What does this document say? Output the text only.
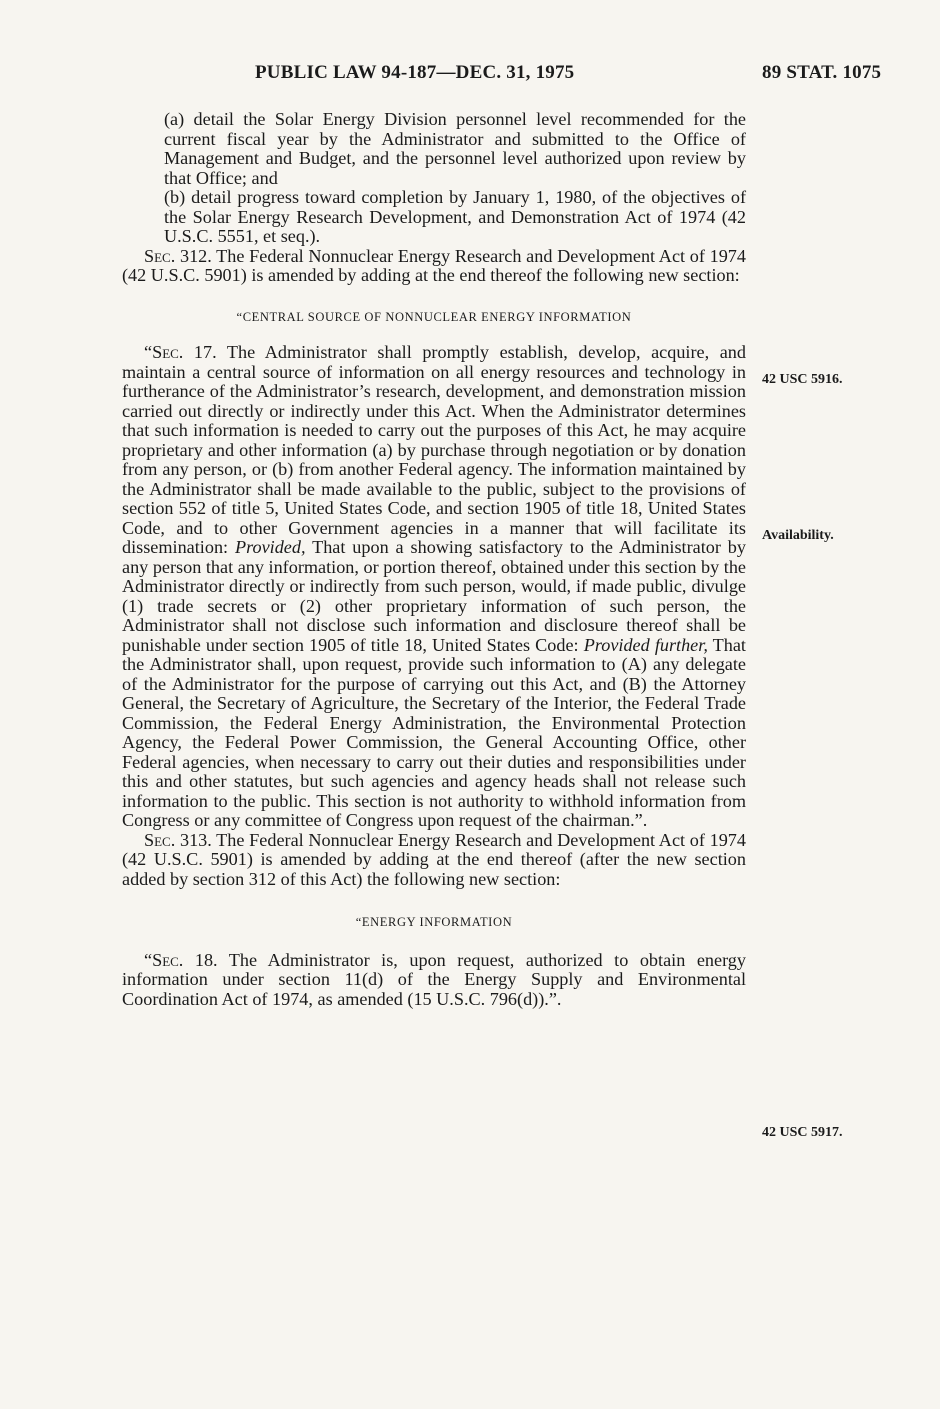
PUBLIC LAW 94-187—DEC. 31, 1975	89 STAT. 1075

(a) detail the Solar Energy Division personnel level recommended for the current fiscal year by the Administrator and submitted to the Office of Management and Budget, and the personnel level authorized upon review by that Office; and

(b) detail progress toward completion by January 1, 1980, of the objectives of the Solar Energy Research Development, and Demonstration Act of 1974 (42 U.S.C. 5551, et seq.).

Sec. 312. The Federal Nonnuclear Energy Research and Development Act of 1974 (42 U.S.C. 5901) is amended by adding at the end thereof the following new section:

“CENTRAL SOURCE OF NONNUCLEAR ENERGY INFORMATION

“Sec. 17. The Administrator shall promptly establish, develop, acquire, and maintain a central source of information on all energy resources and technology in furtherance of the Administrator’s research, development, and demonstration mission carried out directly or indirectly under this Act. When the Administrator determines that such information is needed to carry out the purposes of this Act, he may acquire proprietary and other information (a) by purchase through negotiation or by donation from any person, or (b) from another Federal agency. The information maintained by the Administrator shall be made available to the public, subject to the provisions of section 552 of title 5, United States Code, and section 1905 of title 18, United States Code, and to other Government agencies in a manner that will facilitate its dissemination: Provided, That upon a showing satisfactory to the Administrator by any person that any information, or portion thereof, obtained under this section by the Administrator directly or indirectly from such person, would, if made public, divulge (1) trade secrets or (2) other proprietary information of such person, the Administrator shall not disclose such information and disclosure thereof shall be punishable under section 1905 of title 18, United States Code: Provided further, That the Administrator shall, upon request, provide such information to (A) any delegate of the Administrator for the purpose of carrying out this Act, and (B) the Attorney General, the Secretary of Agriculture, the Secretary of the Interior, the Federal Trade Commission, the Federal Energy Administration, the Environmental Protection Agency, the Federal Power Commission, the General Accounting Office, other Federal agencies, when necessary to carry out their duties and responsibilities under this and other statutes, but such agencies and agency heads shall not release such information to the public. This section is not authority to withhold information from Congress or any committee of Congress upon request of the chairman.”.

Sec. 313. The Federal Nonnuclear Energy Research and Development Act of 1974 (42 U.S.C. 5901) is amended by adding at the end thereof (after the new section added by section 312 of this Act) the following new section:

“ENERGY INFORMATION

“Sec. 18. The Administrator is, upon request, authorized to obtain energy information under section 11(d) of the Energy Supply and Environmental Coordination Act of 1974, as amended (15 U.S.C. 796(d)).”.

42 USC 5916.
Availability.
42 USC 5917.
